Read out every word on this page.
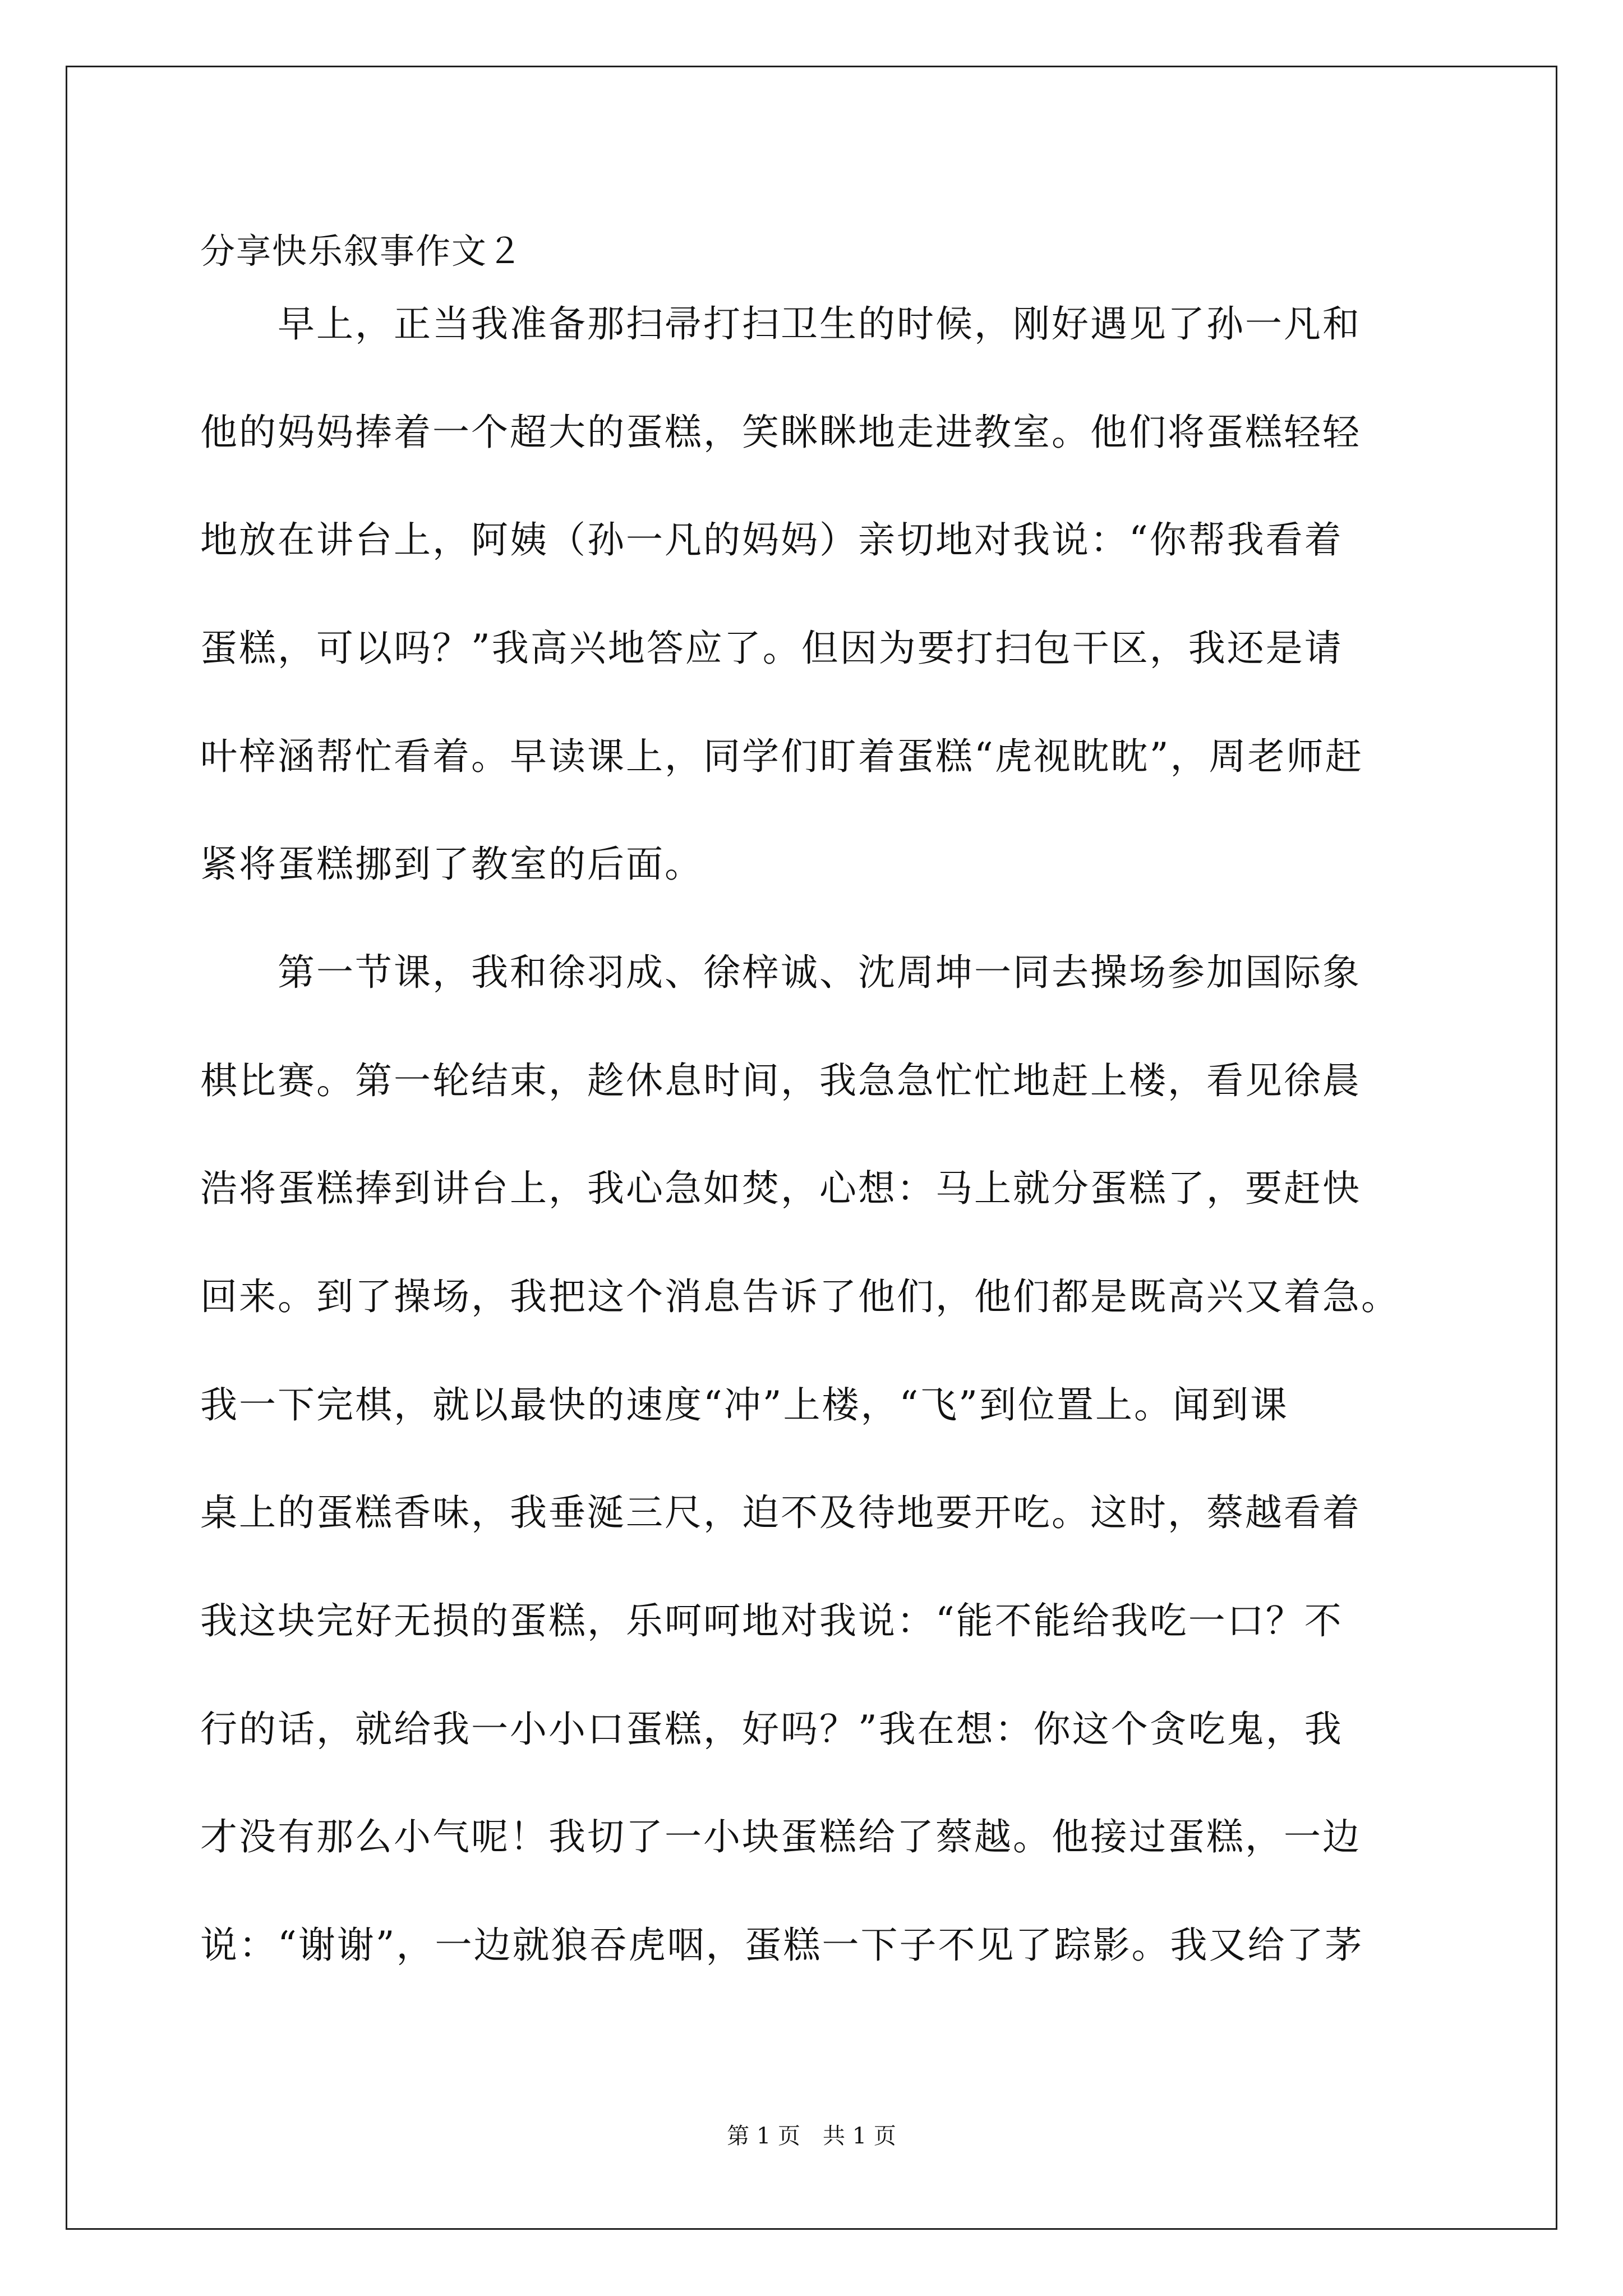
分享快乐叙事作文２
　　早上，正当我准备那扫帚打扫卫生的时候，刚好遇见了孙一凡和
他的妈妈捧着一个超大的蛋糕，笑眯眯地走进教室。他们将蛋糕轻轻
地放在讲台上，阿姨（孙一凡的妈妈）亲切地对我说：“你帮我看着
蛋糕，可以吗？”我高兴地答应了。但因为要打扫包干区，我还是请
叶梓涵帮忙看着。早读课上，同学们盯着蛋糕“虎视眈眈”，周老师赶
紧将蛋糕挪到了教室的后面。
　　第一节课，我和徐羽成、徐梓诚、沈周坤一同去操场参加国际象
棋比赛。第一轮结束，趁休息时间，我急急忙忙地赶上楼，看见徐晨
浩将蛋糕捧到讲台上，我心急如焚，心想：马上就分蛋糕了，要赶快
回来。到了操场，我把这个消息告诉了他们，他们都是既高兴又着急。
我一下完棋，就以最快的速度“冲”上楼，“飞”到位置上。闻到课
桌上的蛋糕香味，我垂涎三尺，迫不及待地要开吃。这时，蔡越看着
我这块完好无损的蛋糕，乐呵呵地对我说：“能不能给我吃一口？不
行的话，就给我一小小口蛋糕，好吗？”我在想：你这个贪吃鬼，我
才没有那么小气呢！我切了一小块蛋糕给了蔡越。他接过蛋糕，一边
说：“谢谢”，一边就狼吞虎咽，蛋糕一下子不见了踪影。我又给了茅
第 1 页　共 1 页
